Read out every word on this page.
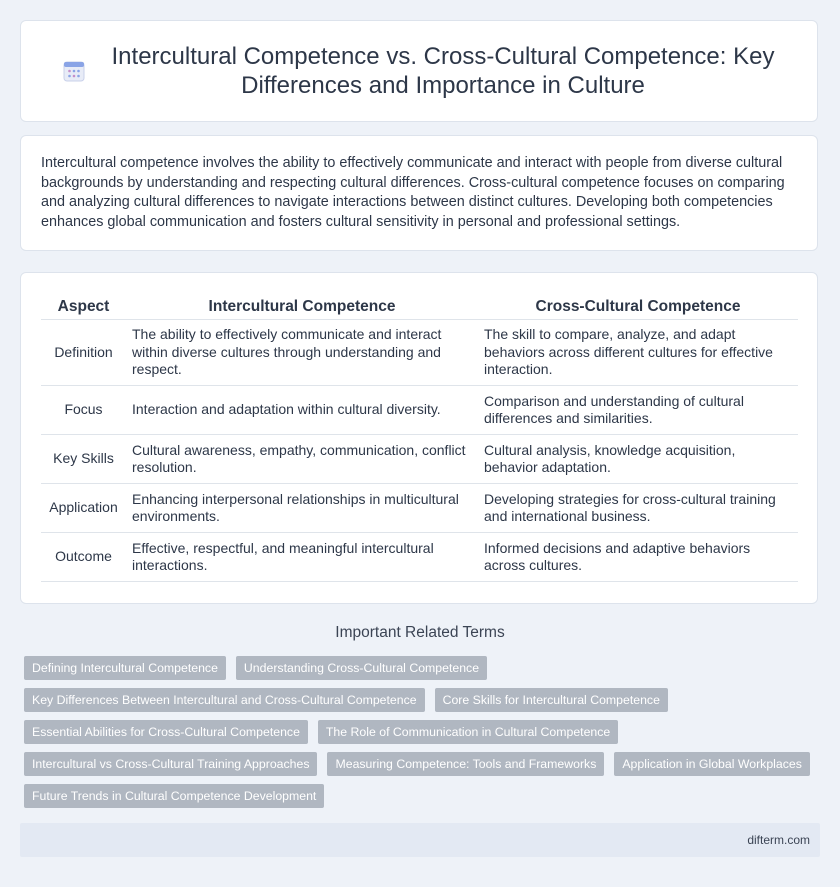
Intercultural Competence vs. Cross-Cultural Competence: Key Differences and Importance in Culture

Intercultural competence involves the ability to effectively communicate and interact with people from diverse cultural backgrounds by understanding and respecting cultural differences. Cross-cultural competence focuses on comparing and analyzing cultural differences to navigate interactions between distinct cultures. Developing both competencies enhances global communication and fosters cultural sensitivity in personal and professional settings.

Aspect	Intercultural Competence	Cross-Cultural Competence
Definition	The ability to effectively communicate and interact within diverse cultures through understanding and respect.	The skill to compare, analyze, and adapt behaviors across different cultures for effective interaction.
Focus	Interaction and adaptation within cultural diversity.	Comparison and understanding of cultural differences and similarities.
Key Skills	Cultural awareness, empathy, communication, conflict resolution.	Cultural analysis, knowledge acquisition, behavior adaptation.
Application	Enhancing interpersonal relationships in multicultural environments.	Developing strategies for cross-cultural training and international business.
Outcome	Effective, respectful, and meaningful intercultural interactions.	Informed decisions and adaptive behaviors across cultures.
Important Related Terms
Defining Intercultural Competence	Understanding Cross-Cultural Competence
Key Differences Between Intercultural and Cross-Cultural Competence	Core Skills for Intercultural Competence
Essential Abilities for Cross-Cultural Competence	The Role of Communication in Cultural Competence
Intercultural vs Cross-Cultural Training Approaches	Measuring Competence: Tools and Frameworks	Application in Global Workplaces
Future Trends in Cultural Competence Development
difterm.com
